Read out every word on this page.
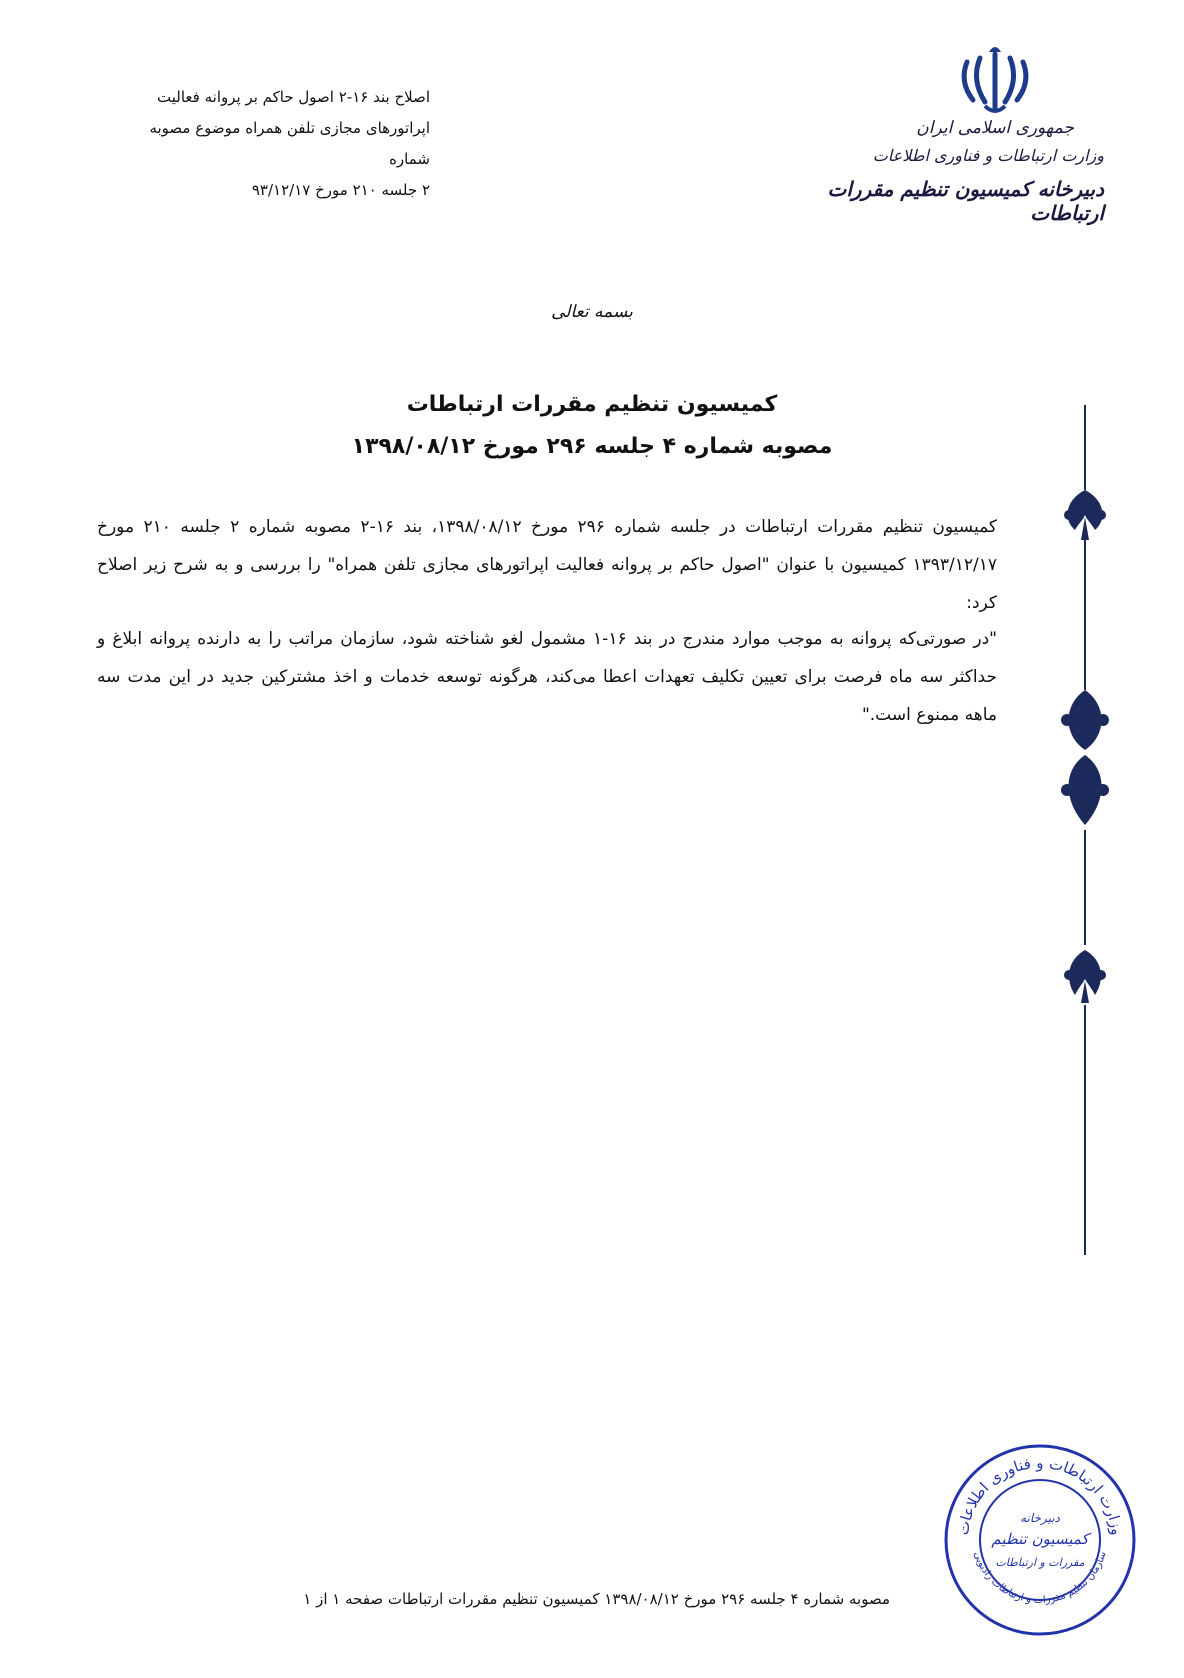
جمهوری اسلامی ایران
وزارت ارتباطات و فناوری اطلاعات
دبیرخانه کمیسیون تنظیم مقررات ارتباطات
اصلاح بند ۱۶-۲ اصول حاکم بر پروانه فعالیت
اپراتورهای مجازی تلفن همراه موضوع مصوبه شماره
۲ جلسه ۲۱۰ مورخ ۹۳/۱۲/۱۷
بسمه تعالی
کمیسیون تنظیم مقررات ارتباطات
مصوبه شماره ۴ جلسه ۲۹۶ مورخ ۱۳۹۸/۰۸/۱۲
کمیسیون تنظیم مقررات ارتباطات در جلسه شماره ۲۹۶ مورخ ۱۳۹۸/۰۸/۱۲، بند ۱۶-۲ مصوبه شماره ۲ جلسه ۲۱۰ مورخ ۱۳۹۳/۱۲/۱۷ کمیسیون با عنوان "اصول حاکم بر پروانه فعالیت اپراتورهای مجازی تلفن همراه" را بررسی و به شرح زیر اصلاح کرد:
"در صورتی‌که پروانه به موجب موارد مندرج در بند ۱۶-۱ مشمول لغو شناخته شود، سازمان مراتب را به دارنده پروانه ابلاغ و حداکثر سه ماه فرصت برای تعیین تکلیف تعهدات اعطا می‌کند، هرگونه توسعه خدمات و اخذ مشترکین جدید در این مدت سه ماهه ممنوع است."
وزارت ارتباطات و فناوری اطلاعات
سازمان تنظیم مقررات و ارتباطات رادیویی
دبیرخانه
کمیسیون تنظیم
مقررات و ارتباطات
مصوبه شماره ۴ جلسه ۲۹۶ مورخ ۱۳۹۸/۰۸/۱۲ کمیسیون تنظیم مقررات ارتباطات صفحه ۱ از ۱
